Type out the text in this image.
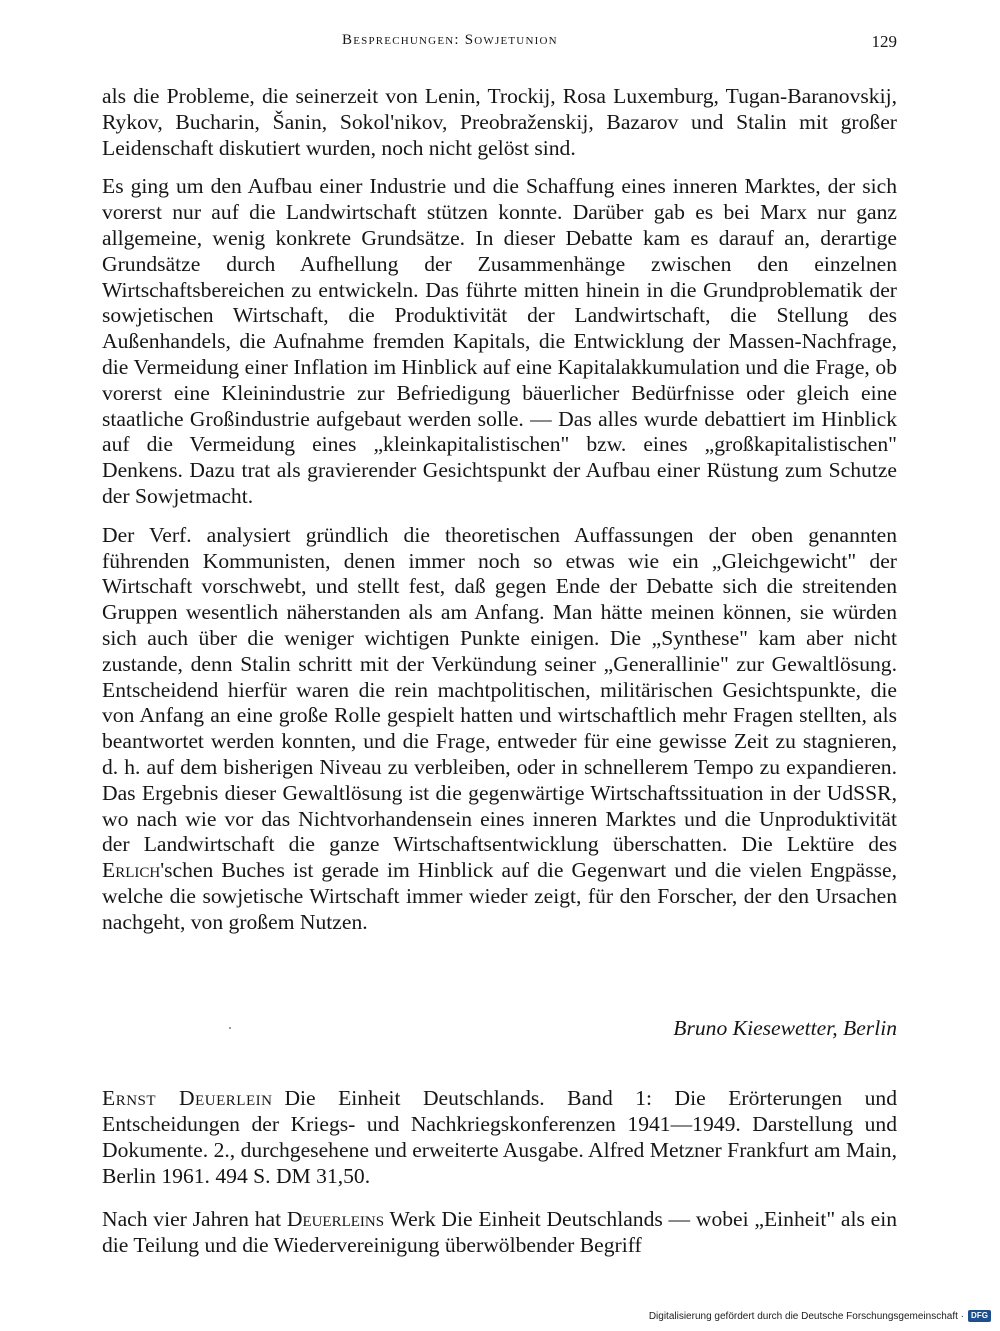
Besprechungen: Sowjetunion	129

als die Probleme, die seinerzeit von Lenin, Trockij, Rosa Luxemburg, Tugan-Baranovskij, Rykov, Bucharin, Šanin, Sokol'nikov, Preobraženskij, Bazarov und Stalin mit großer Leidenschaft diskutiert wurden, noch nicht gelöst sind.

Es ging um den Aufbau einer Industrie und die Schaffung eines inneren Marktes, der sich vorerst nur auf die Landwirtschaft stützen konnte. Darüber gab es bei Marx nur ganz allgemeine, wenig konkrete Grundsätze. In dieser Debatte kam es darauf an, derartige Grundsätze durch Aufhellung der Zusammenhänge zwischen den einzelnen Wirtschaftsbereichen zu entwickeln. Das führte mitten hinein in die Grundproblematik der sowjetischen Wirtschaft, die Produktivität der Landwirtschaft, die Stellung des Außenhandels, die Aufnahme fremden Kapitals, die Entwicklung der Massen-Nachfrage, die Vermeidung einer Inflation im Hinblick auf eine Kapitalakkumulation und die Frage, ob vorerst eine Kleinindustrie zur Befriedigung bäuerlicher Bedürfnisse oder gleich eine staatliche Großindustrie aufgebaut werden solle. — Das alles wurde debattiert im Hinblick auf die Vermeidung eines „kleinkapitalistischen" bzw. eines „großkapitalistischen" Denkens. Dazu trat als gravierender Gesichtspunkt der Aufbau einer Rüstung zum Schutze der Sowjetmacht.

Der Verf. analysiert gründlich die theoretischen Auffassungen der oben genannten führenden Kommunisten, denen immer noch so etwas wie ein „Gleichgewicht" der Wirtschaft vorschwebt, und stellt fest, daß gegen Ende der Debatte sich die streitenden Gruppen wesentlich näherstanden als am Anfang. Man hätte meinen können, sie würden sich auch über die weniger wichtigen Punkte einigen. Die „Synthese" kam aber nicht zustande, denn Stalin schritt mit der Verkündung seiner „Generallinie" zur Gewaltlösung. Entscheidend hierfür waren die rein machtpolitischen, militärischen Gesichtspunkte, die von Anfang an eine große Rolle gespielt hatten und wirtschaftlich mehr Fragen stellten, als beantwortet werden konnten, und die Frage, entweder für eine gewisse Zeit zu stagnieren, d. h. auf dem bisherigen Niveau zu verbleiben, oder in schnellerem Tempo zu expandieren. Das Ergebnis dieser Gewaltlösung ist die gegenwärtige Wirtschaftssituation in der UdSSR, wo nach wie vor das Nichtvorhandensein eines inneren Marktes und die Unproduktivität der Landwirtschaft die ganze Wirtschaftsentwicklung überschatten. Die Lektüre des Erlich'schen Buches ist gerade im Hinblick auf die Gegenwart und die vielen Engpässe, welche die sowjetische Wirtschaft immer wieder zeigt, für den Forscher, der den Ursachen nachgeht, von großem Nutzen.

Bruno Kiesewetter, Berlin
Ernst Deuerlein Die Einheit Deutschlands. Band 1: Die Erörterungen und Entscheidungen der Kriegs- und Nachkriegskonferenzen 1941—1949. Darstellung und Dokumente. 2., durchgesehene und erweiterte Ausgabe. Alfred Metzner Frankfurt am Main, Berlin 1961. 494 S. DM 31,50.
Nach vier Jahren hat Deuerleins Werk Die Einheit Deutschlands — wobei „Einheit" als ein die Teilung und die Wiedervereinigung überwölbender Begriff
Digitalisierung gefördert durch die Deutsche Forschungsgemeinschaft · DFG
